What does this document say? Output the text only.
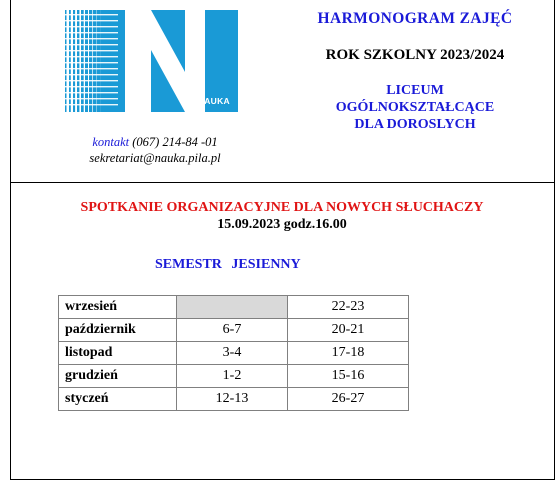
NAUKA
kontakt (067) 214-84 -01
sekretariat@nauka.pila.pl
HARMONOGRAM ZAJĘĆ
ROK SZKOLNY 2023/2024
LICEUM
OGÓLNOKSZTAŁCĄCE
DLA DOROSLYCH
SPOTKANIE ORGANIZACYJNE DLA NOWYCH SŁUCHACZY
15.09.2023 godz.16.00
SEMESTR JESIENNY
wrzesień		22-23
październik	6-7	20-21
listopad	3-4	17-18
grudzień	1-2	15-16
styczeń	12-13	26-27
